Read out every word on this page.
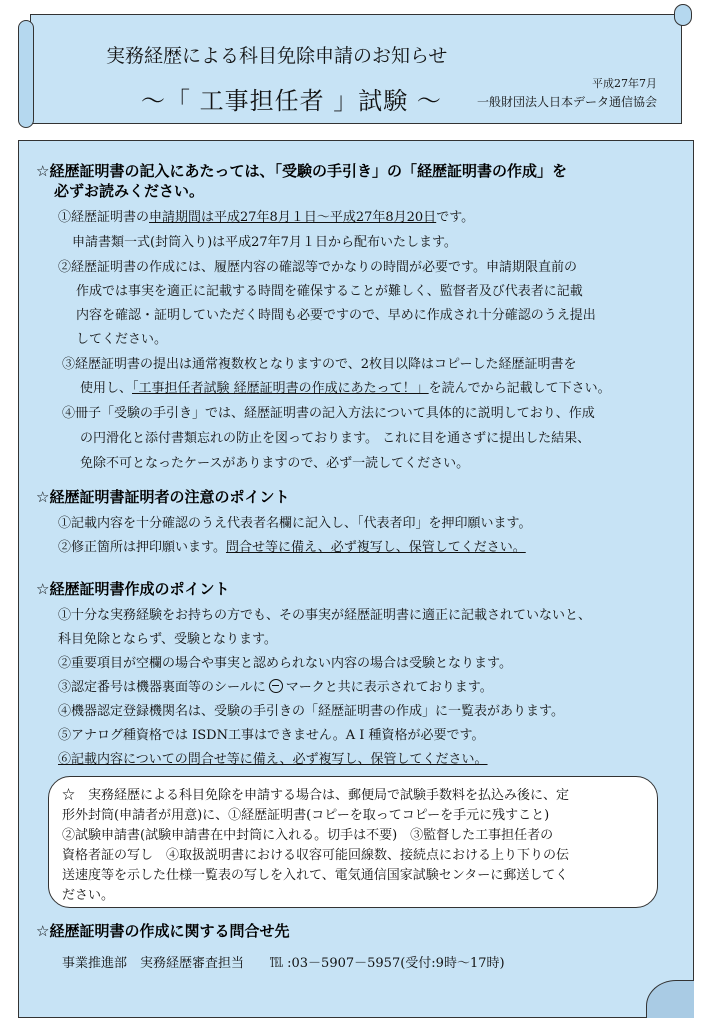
実務経歴による科目免除申請のお知らせ
～「 工事担任者 」試験 ～
平成27年7月
一般財団法人日本データ通信協会
☆経歴証明書の記入にあたっては、「受験の手引き」の「経歴証明書の作成」を
必ずお読みください。
①経歴証明書の申請期間は平成27年8月１日～平成27年8月20日です。
申請書類一式(封筒入り)は平成27年7月１日から配布いたします。
②経歴証明書の作成には、履歴内容の確認等でかなりの時間が必要です。申請期限直前の
作成では事実を適正に記載する時間を確保することが難しく、監督者及び代表者に記載
内容を確認・証明していただく時間も必要ですので、早めに作成され十分確認のうえ提出
してください。
③経歴証明書の提出は通常複数枚となりますので、2枚目以降はコピーした経歴証明書を
使用し、「工事担任者試験 経歴証明書の作成にあたって！」を読んでから記載して下さい。
④冊子「受験の手引き」では、経歴証明書の記入方法について具体的に説明しており、作成
の円滑化と添付書類忘れの防止を図っております。 これに目を通さずに提出した結果、
免除不可となったケースがありますので、必ず一読してください。
☆経歴証明書証明者の注意のポイント
①記載内容を十分確認のうえ代表者名欄に記入し、「代表者印」を押印願います。
②修正箇所は押印願います。問合せ等に備え、必ず複写し、保管してください。
☆経歴証明書作成のポイント
①十分な実務経験をお持ちの方でも、その事実が経歴証明書に適正に記載されていないと、
科目免除とならず、受験となります。
②重要項目が空欄の場合や事実と認められない内容の場合は受験となります。
③認定番号は機器裏面等のシールに マークと共に表示されております。
④機器認定登録機関名は、受験の手引きの「経歴証明書の作成」に一覧表があります。
⑤アナログ種資格では ISDN工事はできません。A I 種資格が必要です。
⑥記載内容についての問合せ等に備え、必ず複写し、保管してください。
☆　実務経歴による科目免除を申請する場合は、郵便局で試験手数料を払込み後に、定
形外封筒(申請者が用意)に、①経歴証明書(コピーを取ってコピーを手元に残すこと)
②試験申請書(試験申請書在中封筒に入れる。切手は不要)　③監督した工事担任者の
資格者証の写し　④取扱説明書における収容可能回線数、接続点における上り下りの伝
送速度等を示した仕様一覧表の写しを入れて、電気通信国家試験センターに郵送してく
ださい。
☆経歴証明書の作成に関する問合せ先
事業推進部　実務経歴審査担当　　℡ :03－5907－5957(受付:9時～17時)
